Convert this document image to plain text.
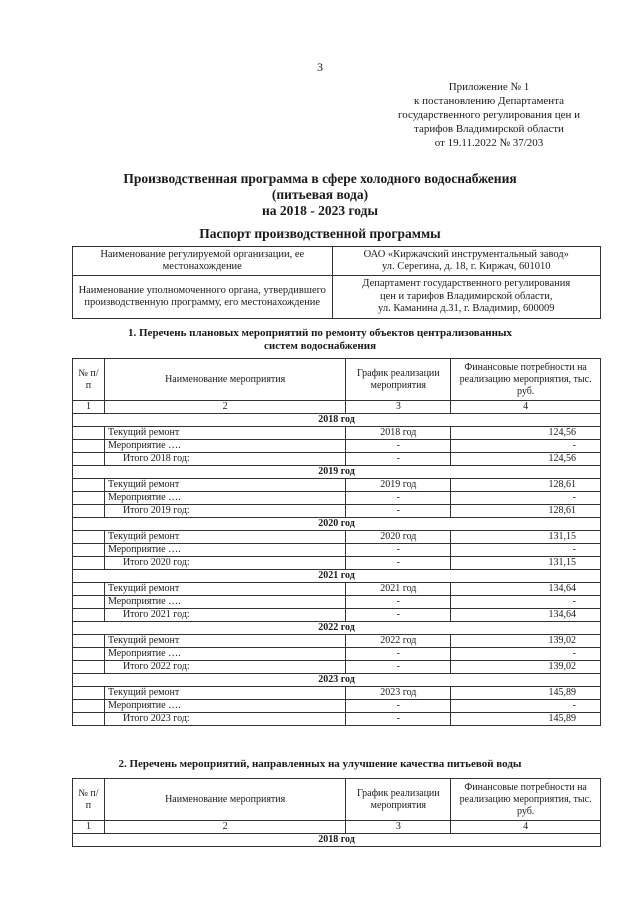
3
Приложение № 1
к постановлению Департамента
государственного регулирования цен и
тарифов Владимирской области
от 19.11.2022 № 37/203
Производственная программа в сфере холодного водоснабжения
(питьевая вода)
на 2018 - 2023 годы
Паспорт производственной программы
Наименование регулируемой организации, ее местонахождение	ОАО «Киржачский инструментальный завод»
ул. Серегина, д. 18, г. Киржач, 601010

Наименование уполномоченного органа, утвердившего производственную программу, его местонахождение	Департамент государственного регулирования
цен и тарифов Владимирской области,
ул. Каманина д.31, г. Владимир, 600009
1. Перечень плановых мероприятий по ремонту объектов централизованных
систем водоснабжения
№ п/п	Наименование мероприятия	График реализации мероприятия	Финансовые потребности на реализацию мероприятия, тыс. руб.
1	2	3	4
2018 год			
	Текущий ремонт	2018 год	124,56
	Мероприятие ….	-	-
	Итого 2018 год:	-	124,56
2019 год			
	Текущий ремонт	2019 год	128,61
	Мероприятие ….	-	-
	Итого 2019 год:	-	128,61
2020 год			
	Текущий ремонт	2020 год	131,15
	Мероприятие ….	-	-
	Итого 2020 год:	-	131,15
2021 год			
	Текущий ремонт	2021 год	134,64
	Мероприятие ….	-	-
	Итого 2021 год:	-	134,64
2022 год			
	Текущий ремонт	2022 год	139,02
	Мероприятие ….	-	-
	Итого 2022 год:	-	139,02
2023 год			
	Текущий ремонт	2023 год	145,89
	Мероприятие ….	-	-
	Итого 2023 год:	-	145,89
2. Перечень мероприятий, направленных на улучшение качества питьевой воды
№ п/п	Наименование мероприятия	График реализации мероприятия	Финансовые потребности на реализацию мероприятия, тыс. руб.
1	2	3	4
2018 год			
